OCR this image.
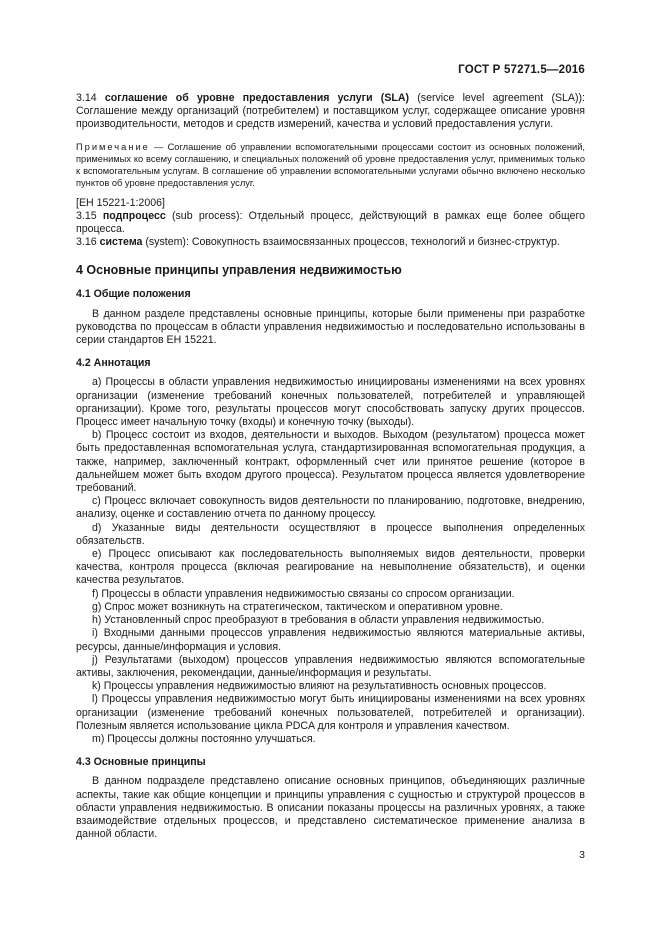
ГОСТ Р 57271.5—2016

3.14 соглашение об уровне предоставления услуги (SLA) (service level agreement (SLA)): Соглашение между организаций (потребителем) и поставщиком услуг, содержащее описание уровня производительности, методов и средств измерений, качества и условий предоставления услуги.

Примечание — Соглашение об управлении вспомогательными процессами состоит из основных положений, применимых ко всему соглашению, и специальных положений об уровне предоставления услуг, применимых только к вспомогательным услугам. В соглашение об управлении вспомогательными услугами обычно включено несколько пунктов об уровне предоставления услуг.

[ЕН 15221-1:2006]

3.15 подпроцесс (sub process): Отдельный процесс, действующий в рамках еще более общего процесса.

3.16 система (system): Совокупность взаимосвязанных процессов, технологий и бизнес-структур.

4 Основные принципы управления недвижимостью

4.1 Общие положения

В данном разделе представлены основные принципы, которые были применены при разработке руководства по процессам в области управления недвижимостью и последовательно использованы в серии стандартов ЕН 15221.

4.2 Аннотация

a) Процессы в области управления недвижимостью инициированы изменениями на всех уровнях организации (изменение требований конечных пользователей, потребителей и управляющей организации). Кроме того, результаты процессов могут способствовать запуску других процессов. Процесс имеет начальную точку (входы) и конечную точку (выходы).

b) Процесс состоит из входов, деятельности и выходов. Выходом (результатом) процесса может быть предоставленная вспомогательная услуга, стандартизированная вспомогательная продукция, а также, например, заключенный контракт, оформленный счет или принятое решение (которое в дальнейшем может быть входом другого процесса). Результатом процесса является удовлетворение требований.

c) Процесс включает совокупность видов деятельности по планированию, подготовке, внедрению, анализу, оценке и составлению отчета по данному процессу.

d) Указанные виды деятельности осуществляют в процессе выполнения определенных обязательств.

e) Процесс описывают как последовательность выполняемых видов деятельности, проверки качества, контроля процесса (включая реагирование на невыполнение обязательств), и оценки качества результатов.

f) Процессы в области управления недвижимостью связаны со спросом организации.

g) Спрос может возникнуть на стратегическом, тактическом и оперативном уровне.

h) Установленный спрос преобразуют в требования в области управления недвижимостью.

i) Входными данными процессов управления недвижимостью являются материальные активы, ресурсы, данные/информация и условия.

j) Результатами (выходом) процессов управления недвижимостью являются вспомогательные активы, заключения, рекомендации, данные/информация и результаты.

k) Процессы управления недвижимостью влияют на результативность основных процессов.

l) Процессы управления недвижимостью могут быть инициированы изменениями на всех уровнях организации (изменение требований конечных пользователей, потребителей и организации). Полезным является использование цикла PDCA для контроля и управления качеством.

m) Процессы должны постоянно улучшаться.

4.3 Основные принципы

В данном подразделе представлено описание основных принципов, объединяющих различные аспекты, такие как общие концепции и принципы управления с сущностью и структурой процессов в области управления недвижимостью. В описании показаны процессы на различных уровнях, а также взаимодействие отдельных процессов, и представлено систематическое применение анализа в данной области.

3
